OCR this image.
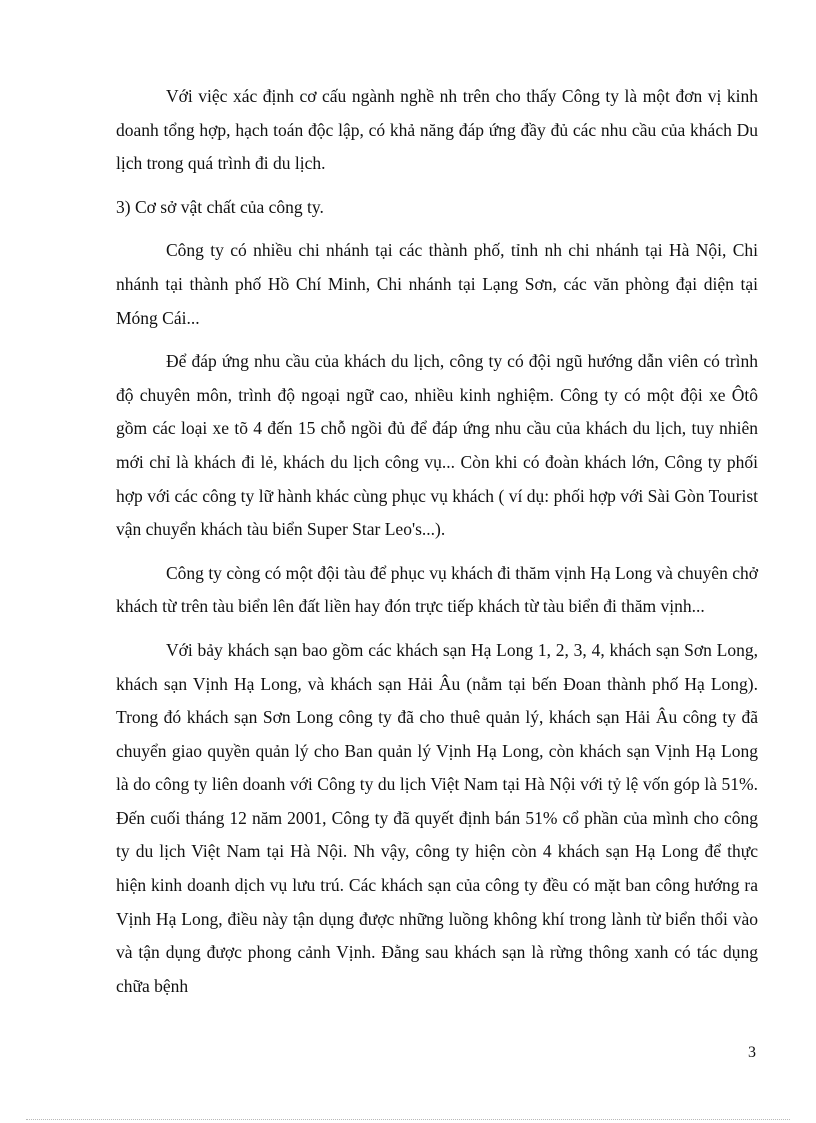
Với việc xác định cơ cấu ngành nghề nh trên cho thấy Công ty là một đơn vị kinh doanh tổng hợp, hạch toán độc lập, có khả năng đáp ứng đầy đủ các nhu cầu của khách Du lịch trong quá trình đi du lịch.

3) Cơ sở vật chất của công ty.

Công ty có nhiều chi nhánh tại các thành phố, tỉnh nh chi nhánh tại Hà Nội, Chi nhánh tại thành phố Hồ Chí Minh, Chi nhánh tại Lạng Sơn, các văn phòng đại diện tại Móng Cái...

Để đáp ứng nhu cầu của khách du lịch, công ty có đội ngũ hướng dẫn viên có trình độ chuyên môn, trình độ ngoại ngữ cao, nhiều kinh nghiệm. Công ty có một đội xe Ôtô gồm các loại xe tõ 4 đến 15 chỗ ngồi đủ để đáp ứng nhu cầu của khách du lịch, tuy nhiên mới chỉ là khách đi lẻ, khách du lịch công vụ... Còn khi có đoàn khách lớn, Công ty phối hợp với các công ty lữ hành khác cùng phục vụ khách ( ví dụ: phối hợp với Sài Gòn Tourist vận chuyển khách tàu biển Super Star Leo's...).

Công ty còng có một đội tàu để phục vụ khách đi thăm vịnh Hạ Long và chuyên chở khách từ trên tàu biển lên đất liền hay đón trực tiếp khách từ tàu biển đi thăm vịnh...

Với bảy khách sạn bao gồm các khách sạn Hạ Long 1, 2, 3, 4, khách sạn Sơn Long, khách sạn Vịnh Hạ Long, và khách sạn Hải Âu (nằm tại bến Đoan thành phố Hạ Long). Trong đó khách sạn Sơn Long công ty đã cho thuê quản lý, khách sạn Hải Âu công ty đã chuyển giao quyền quản lý cho Ban quản lý Vịnh Hạ Long, còn khách sạn Vịnh Hạ Long là do công ty liên doanh với Công ty du lịch Việt Nam tại Hà Nội với tỷ lệ vốn góp là 51%. Đến cuối tháng 12 năm 2001, Công ty đã quyết định bán 51% cổ phần của mình cho công ty du lịch Việt Nam tại Hà Nội. Nh vậy, công ty hiện còn 4 khách sạn Hạ Long để thực hiện kinh doanh dịch vụ lưu trú. Các khách sạn của công ty đều có mặt ban công hướng ra Vịnh Hạ Long, điều này tận dụng được những luồng không khí trong lành từ biển thổi vào và tận dụng được phong cảnh Vịnh. Đằng sau khách sạn là rừng thông xanh có tác dụng chữa bệnh

3
